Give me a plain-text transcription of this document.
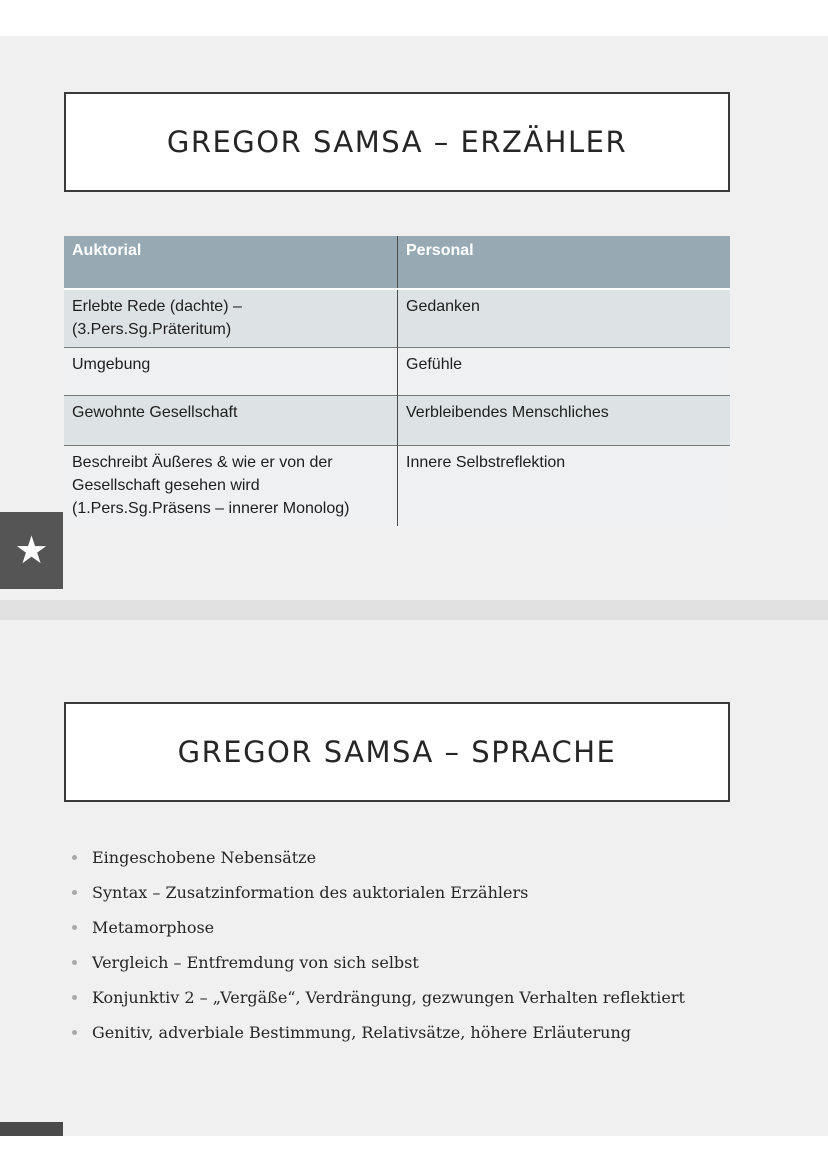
GREGOR SAMSA – ERZÄHLER
Auktorial	Personal
Erlebte Rede (dachte) –
(3.Pers.Sg.Präteritum)	Gedanken
Umgebung	Gefühle
Gewohnte Gesellschaft	Verbleibendes Menschliches
Beschreibt Äußeres & wie er von der
Gesellschaft gesehen wird
(1.Pers.Sg.Präsens – innerer Monolog)	Innere Selbstreflektion
★
GREGOR SAMSA – SPRACHE
Eingeschobene Nebensätze
Syntax – Zusatzinformation des auktorialen Erzählers
Metamorphose
Vergleich – Entfremdung von sich selbst
Konjunktiv 2 – „Vergäße“, Verdrängung, gezwungen Verhalten reflektiert
Genitiv, adverbiale Bestimmung, Relativsätze, höhere Erläuterung
